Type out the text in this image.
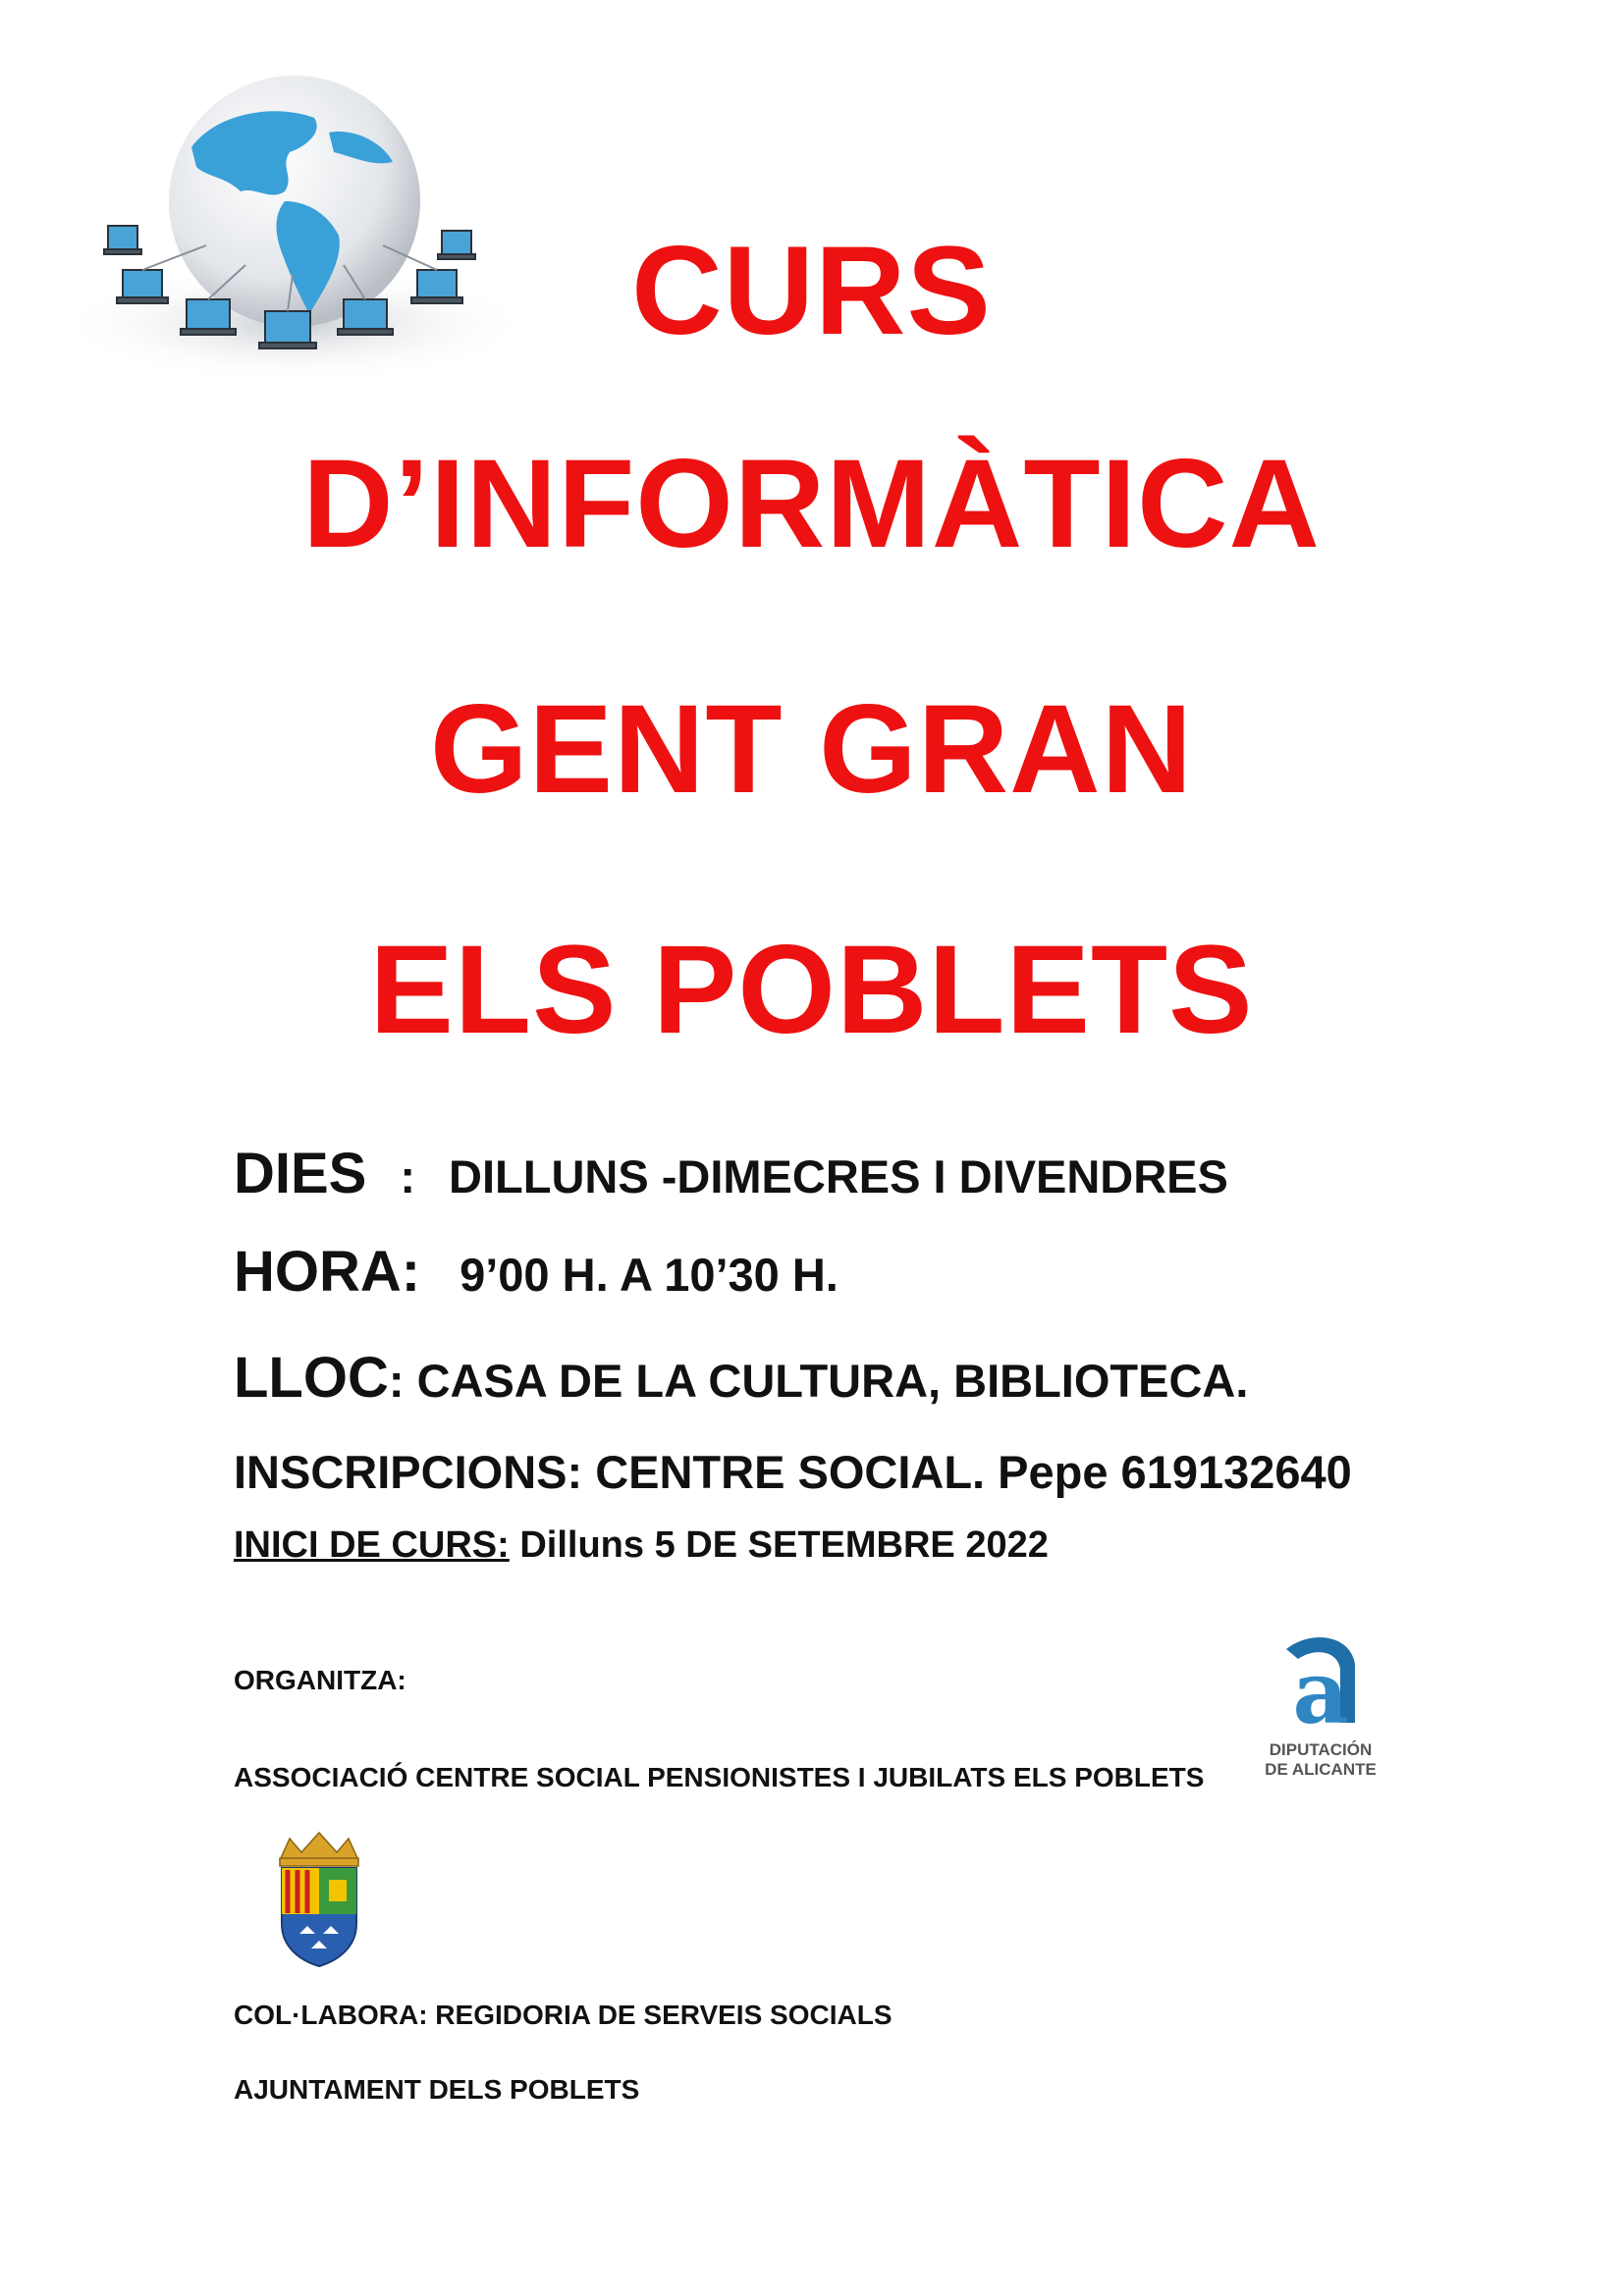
CURS
D’INFORMÀTICA
GENT GRAN
ELS POBLETS
DIES : DILLUNS -DIMECRES I DIVENDRES
HORA: 9’00 H. A 10’30 H.
LLOC: CASA DE LA CULTURA, BIBLIOTECA.
INSCRIPCIONS: CENTRE SOCIAL. Pepe 619132640
INICI DE CURS: Dilluns 5 DE SETEMBRE 2022
ORGANITZA:
ASSOCIACIÓ CENTRE SOCIAL PENSIONISTES I JUBILATS ELS POBLETS
COL·LABORA: REGIDORIA DE SERVEIS SOCIALS
AJUNTAMENT DELS POBLETS
a
DIPUTACIÓN
DE ALICANTE
